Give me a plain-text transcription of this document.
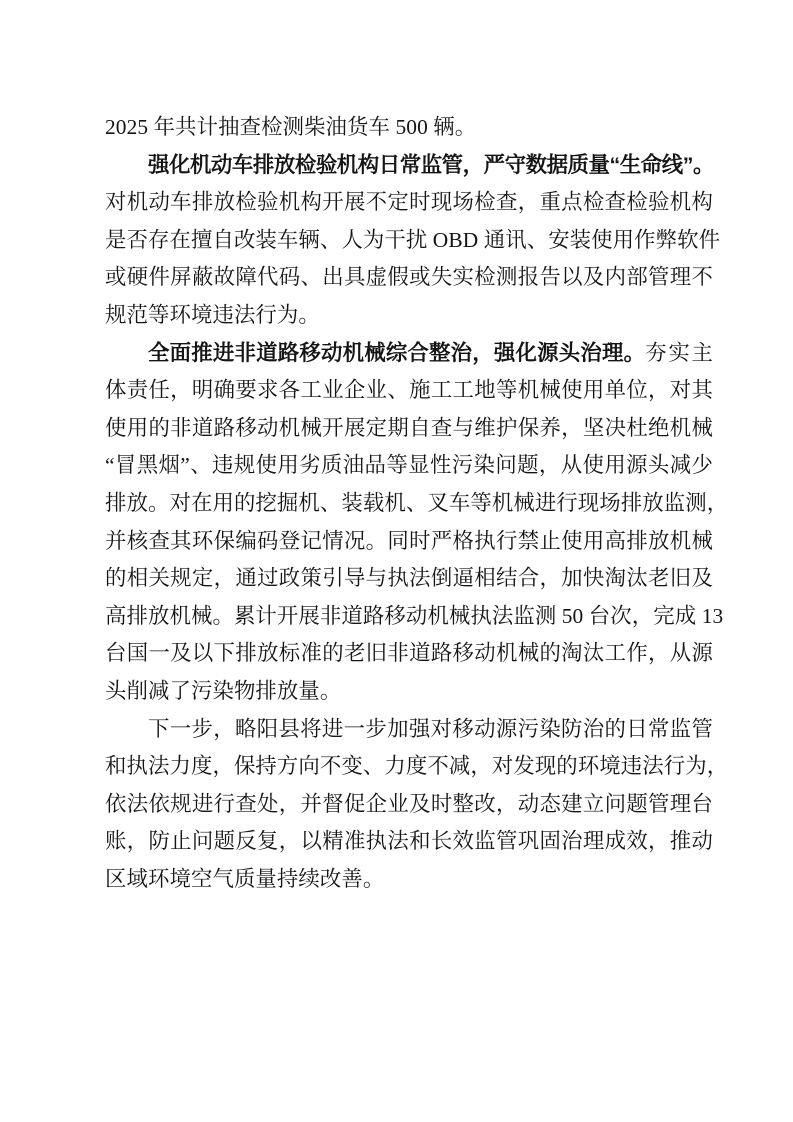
2025 年共计抽查检测柴油货车 500 辆。
强化机动车排放检验机构日常监管，严守数据质量“生命线”。
对机动车排放检验机构开展不定时现场检查，重点检查检验机构
是否存在擅自改装车辆、人为干扰 OBD 通讯、安装使用作弊软件
或硬件屏蔽故障代码、出具虚假或失实检测报告以及内部管理不
规范等环境违法行为。
全面推进非道路移动机械综合整治，强化源头治理。夯实主
体责任，明确要求各工业企业、施工工地等机械使用单位，对其
使用的非道路移动机械开展定期自查与维护保养，坚决杜绝机械
“冒黑烟”、违规使用劣质油品等显性污染问题，从使用源头减少
排放。对在用的挖掘机、装载机、叉车等机械进行现场排放监测，
并核查其环保编码登记情况。同时严格执行禁止使用高排放机械
的相关规定，通过政策引导与执法倒逼相结合，加快淘汰老旧及
高排放机械。累计开展非道路移动机械执法监测 50 台次，完成 13
台国一及以下排放标准的老旧非道路移动机械的淘汰工作，从源
头削减了污染物排放量。
下一步，略阳县将进一步加强对移动源污染防治的日常监管
和执法力度，保持方向不变、力度不减，对发现的环境违法行为，
依法依规进行查处，并督促企业及时整改，动态建立问题管理台
账，防止问题反复，以精准执法和长效监管巩固治理成效，推动
区域环境空气质量持续改善。
